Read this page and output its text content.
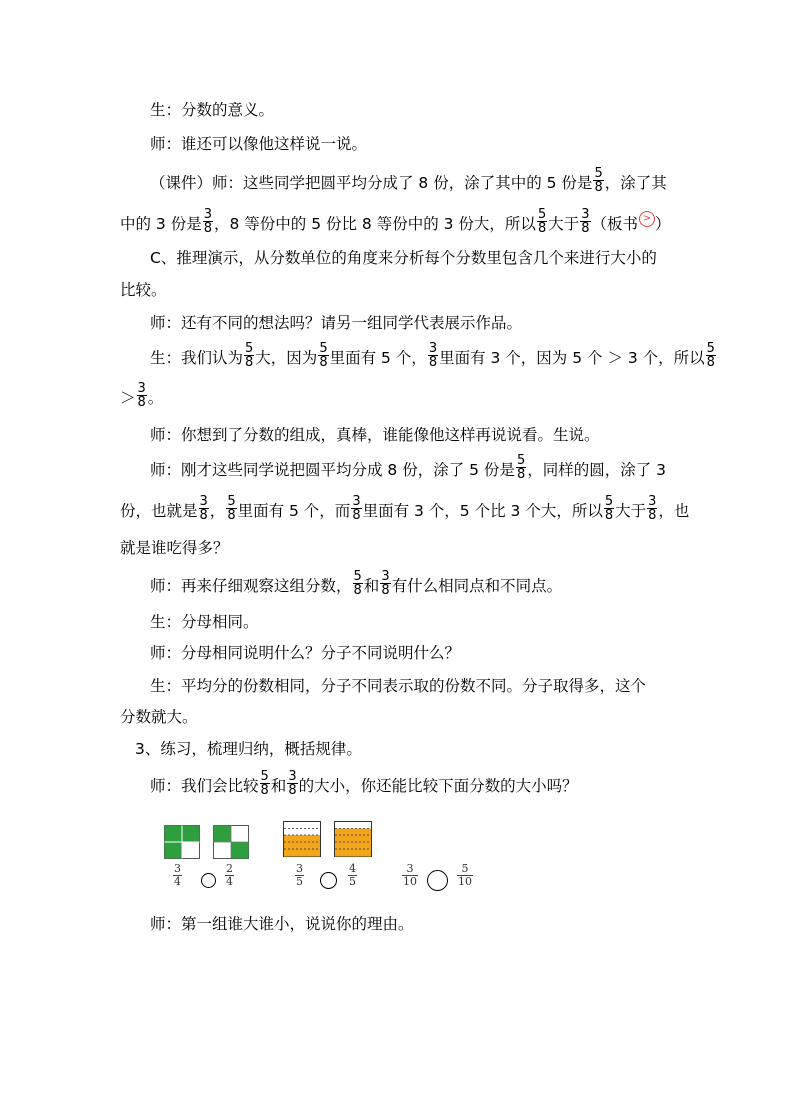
生：分数的意义。
师：谁还可以像他这样说一说。
（课件）师：这些同学把圆平均分成了 8 份，涂了其中的 5 份是 $\frac{5}{8}$ ，涂了其
中的 3 份是 $\frac{3}{8}$ ，8 等份中的 5 份比 8 等份中的 3 份大，所以 $\frac{5}{8}$ 大于 $\frac{3}{8}$ （板书 > ）
C、推理演示，从分数单位的角度来分析每个分数里包含几个来进行大小的
比较。
师：还有不同的想法吗？请另一组同学代表展示作品。
生：我们认为 $\frac{5}{8}$ 大，因为 $\frac{5}{8}$ 里面有 5 个， $\frac{3}{8}$ 里面有 3 个，因为 5 个 ＞ 3 个，所以 $\frac{5}{8}$
＞ $\frac{3}{8}$ 。
师：你想到了分数的组成，真棒，谁能像他这样再说说看。生说。
师：刚才这些同学说把圆平均分成 8 份，涂了 5 份是 $\frac{5}{8}$ ，同样的圆，涂了 3
份，也就是 $\frac{3}{8}$ ， $\frac{5}{8}$ 里面有 5 个，而 $\frac{3}{8}$ 里面有 3 个，5 个比 3 个大，所以 $\frac{5}{8}$ 大于 $\frac{3}{8}$ ，也
就是谁吃得多？
师：再来仔细观察这组分数， $\frac{5}{8}$ 和 $\frac{3}{8}$ 有什么相同点和不同点。
生：分母相同。
师：分母相同说明什么？分子不同说明什么？
生：平均分的份数相同，分子不同表示取的份数不同。分子取得多，这个
分数就大。
3、练习，梳理归纳，概括规律。
师：我们会比较 $\frac{5}{8}$ 和 $\frac{3}{8}$ 的大小，你还能比较下面分数的大小吗？
$\frac{3}{4}$	$\frac{2}{4}$	$\frac{3}{5}$	$\frac{4}{5}$	$\frac{3}{10}$	$\frac{5}{10}$
师：第一组谁大谁小，说说你的理由。
